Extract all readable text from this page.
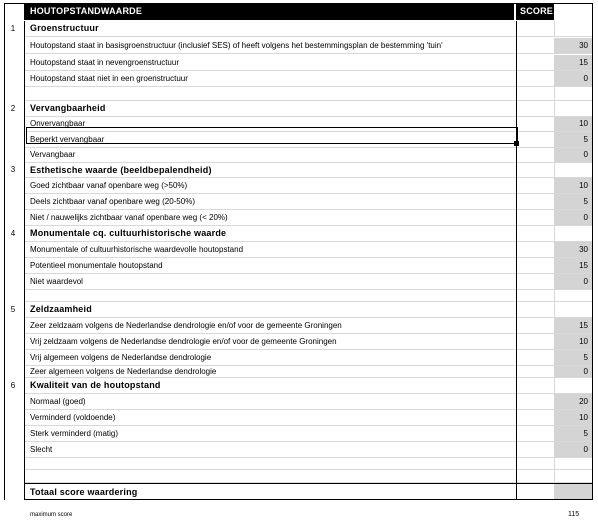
HOUTOPSTANDWAARDE	SCORE
1	Groenstructuur
Houtopstand staat in basisgroenstructuur (inclusief SES) of heeft volgens het bestemmingsplan de bestemming 'tuin'	30
Houtopstand staat in nevengroenstructuur	15
Houtopstand staat niet in een groenstructuur	0
2	Vervangbaarheid
Onvervangbaar	10
Beperkt vervangbaar	5
Vervangbaar	0
3	Esthetische waarde (beeldbepalendheid)
Goed zichtbaar vanaf openbare weg (>50%)	10
Deels zichtbaar vanaf openbare weg (20-50%)	5
Niet / nauwelijks zichtbaar vanaf openbare weg (< 20%)	0
4	Monumentale cq. cultuurhistorische waarde
Monumentale of cultuurhistorische waardevolle houtopstand	30
Potentieel monumentale houtopstand	15
Niet waardevol	0
5	Zeldzaamheid
Zeer zeldzaam volgens de Nederlandse dendrologie en/of voor de gemeente Groningen	15
Vrij zeldzaam volgens de Nederlandse dendrologie en/of voor de gemeente Groningen	10
Vrij algemeen volgens de Nederlandse dendrologie	5
Zeer algemeen volgens de Nederlandse dendrologie	0
6	Kwaliteit van de houtopstand
Normaal (goed)	20
Verminderd (voldoende)	10
Sterk verminderd (matig)	5
Slecht	0
Totaal score waardering
maximum score	115
